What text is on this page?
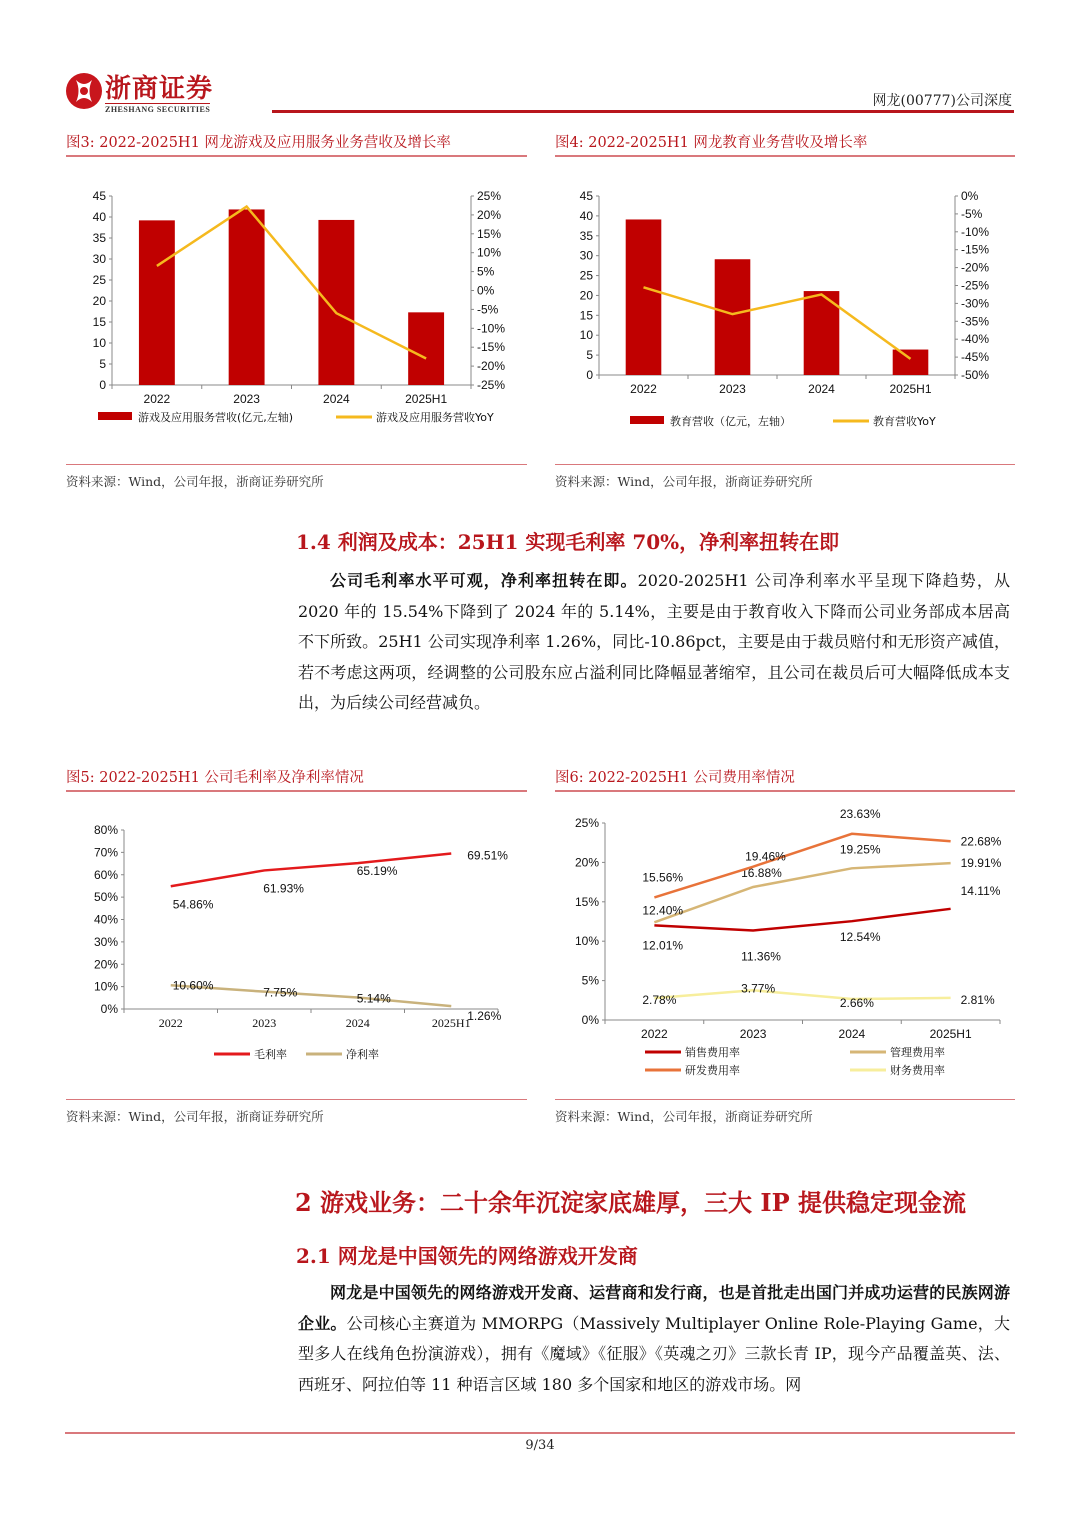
浙商证券
ZHESHANG SECURITIES
网龙(00777)公司深度
图3: 2022-2025H1 网龙游戏及应用服务业务营收及增长率	图4: 2022-2025H1 网龙教育业务营收及增长率
0
5
10
15
20
25
30
35
40
45
-25%
-20%
-15%
-10%
-5%
0%
5%
10%
15%
20%
25%
2022	2023	2024	2025H1
游戏及应用服务营收(亿元,左轴)	游戏及应用服务营收YoY
0
5
10
15
20
25
30
35
40
45
-50%
-45%
-40%
-35%
-30%
-25%
-20%
-15%
-10%
-5%
0%
2022	2023	2024	2025H1
教育营收（亿元，左轴）	教育营收YoY
资料来源：Wind，公司年报，浙商证券研究所	资料来源：Wind，公司年报，浙商证券研究所
1.4 利润及成本：25H1 实现毛利率 70%，净利率扭转在即
公司毛利率水平可观，净利率扭转在即。2020-2025H1 公司净利率水平呈现下降趋势，从 2020 年的 15.54%下降到了 2024 年的 5.14%，主要是由于教育收入下降而公司业务部成本居高不下所致。25H1 公司实现净利率 1.26%，同比-10.86pct，主要是由于裁员赔付和无形资产减值，若不考虑这两项，经调整的公司股东应占溢利同比降幅显著缩窄，且公司在裁员后可大幅降低成本支出，为后续公司经营减负。
图5: 2022-2025H1 公司毛利率及净利率情况	图6: 2022-2025H1 公司费用率情况
0%
10%
20%
30%
40%
50%
60%
70%
80%
2022	2023	2024	2025H1
54.86%
61.93%
65.19%
69.51%
10.60%
7.75%	5.14%
1.26%
毛利率	净利率
0%
5%
10%
15%
20%
25%
2022	2023	2024	2025H1
12.01%
11.36%
12.54%
14.11%
12.40%
16.88%
19.25%
19.91%
15.56%
19.46%
23.63%
22.68%
2.78%
3.77%
2.66%	2.81%
销售费用率	管理费用率
研发费用率	财务费用率
资料来源：Wind，公司年报，浙商证券研究所	资料来源：Wind，公司年报，浙商证券研究所
2 游戏业务：二十余年沉淀家底雄厚，三大 IP 提供稳定现金流
2.1 网龙是中国领先的网络游戏开发商
网龙是中国领先的网络游戏开发商、运营商和发行商，也是首批走出国门并成功运营的民族网游企业。公司核心主赛道为 MMORPG（Massively Multiplayer Online Role-Playing Game，大型多人在线角色扮演游戏），拥有《魔域》《征服》《英魂之刃》三款长青 IP，现今产品覆盖英、法、西班牙、阿拉伯等 11 种语言区域 180 多个国家和地区的游戏市场。网
9/34
